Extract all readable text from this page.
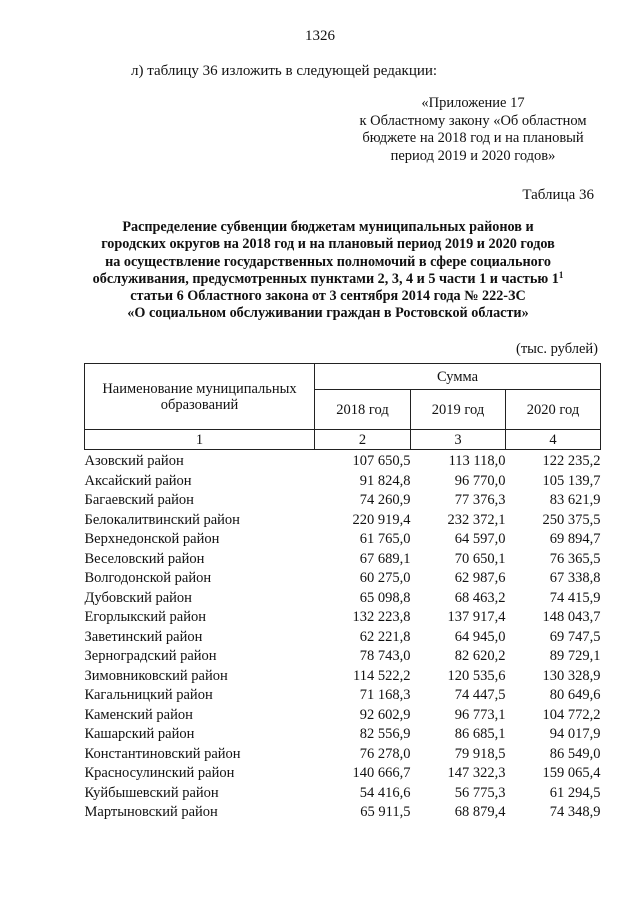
1326
л) таблицу 36 изложить в следующей редакции:
«Приложение 17
к Областному закону «Об областном
бюджете на 2018 год и на плановый
период 2019 и 2020 годов»
Таблица 36
Распределение субвенции бюджетам муниципальных районов и
городских округов на 2018 год и на плановый период 2019 и 2020 годов
на осуществление государственных полномочий в сфере социального
обслуживания, предусмотренных пунктами 2, 3, 4 и 5 части 1 и частью $1^1$
статьи 6 Областного закона от 3 сентября 2014 года № 222-ЗС
«О социальном обслуживании граждан в Ростовской области»
(тыс. рублей)
Наименование муниципальных образований	Сумма		
	2018 год	2019 год	2020 год
1	2	3	4
Азовский район	107 650,5	113 118,0	122 235,2
Аксайский район	91 824,8	96 770,0	105 139,7
Багаевский район	74 260,9	77 376,3	83 621,9
Белокалитвинский район	220 919,4	232 372,1	250 375,5
Верхнедонской район	61 765,0	64 597,0	69 894,7
Веселовский район	67 689,1	70 650,1	76 365,5
Волгодонской район	60 275,0	62 987,6	67 338,8
Дубовский район	65 098,8	68 463,2	74 415,9
Егорлыкский район	132 223,8	137 917,4	148 043,7
Заветинский район	62 221,8	64 945,0	69 747,5
Зерноградский район	78 743,0	82 620,2	89 729,1
Зимовниковский район	114 522,2	120 535,6	130 328,9
Кагальницкий район	71 168,3	74 447,5	80 649,6
Каменский район	92 602,9	96 773,1	104 772,2
Кашарский район	82 556,9	86 685,1	94 017,9
Константиновский район	76 278,0	79 918,5	86 549,0
Красносулинский район	140 666,7	147 322,3	159 065,4
Куйбышевский район	54 416,6	56 775,3	61 294,5
Мартыновский район	65 911,5	68 879,4	74 348,9
